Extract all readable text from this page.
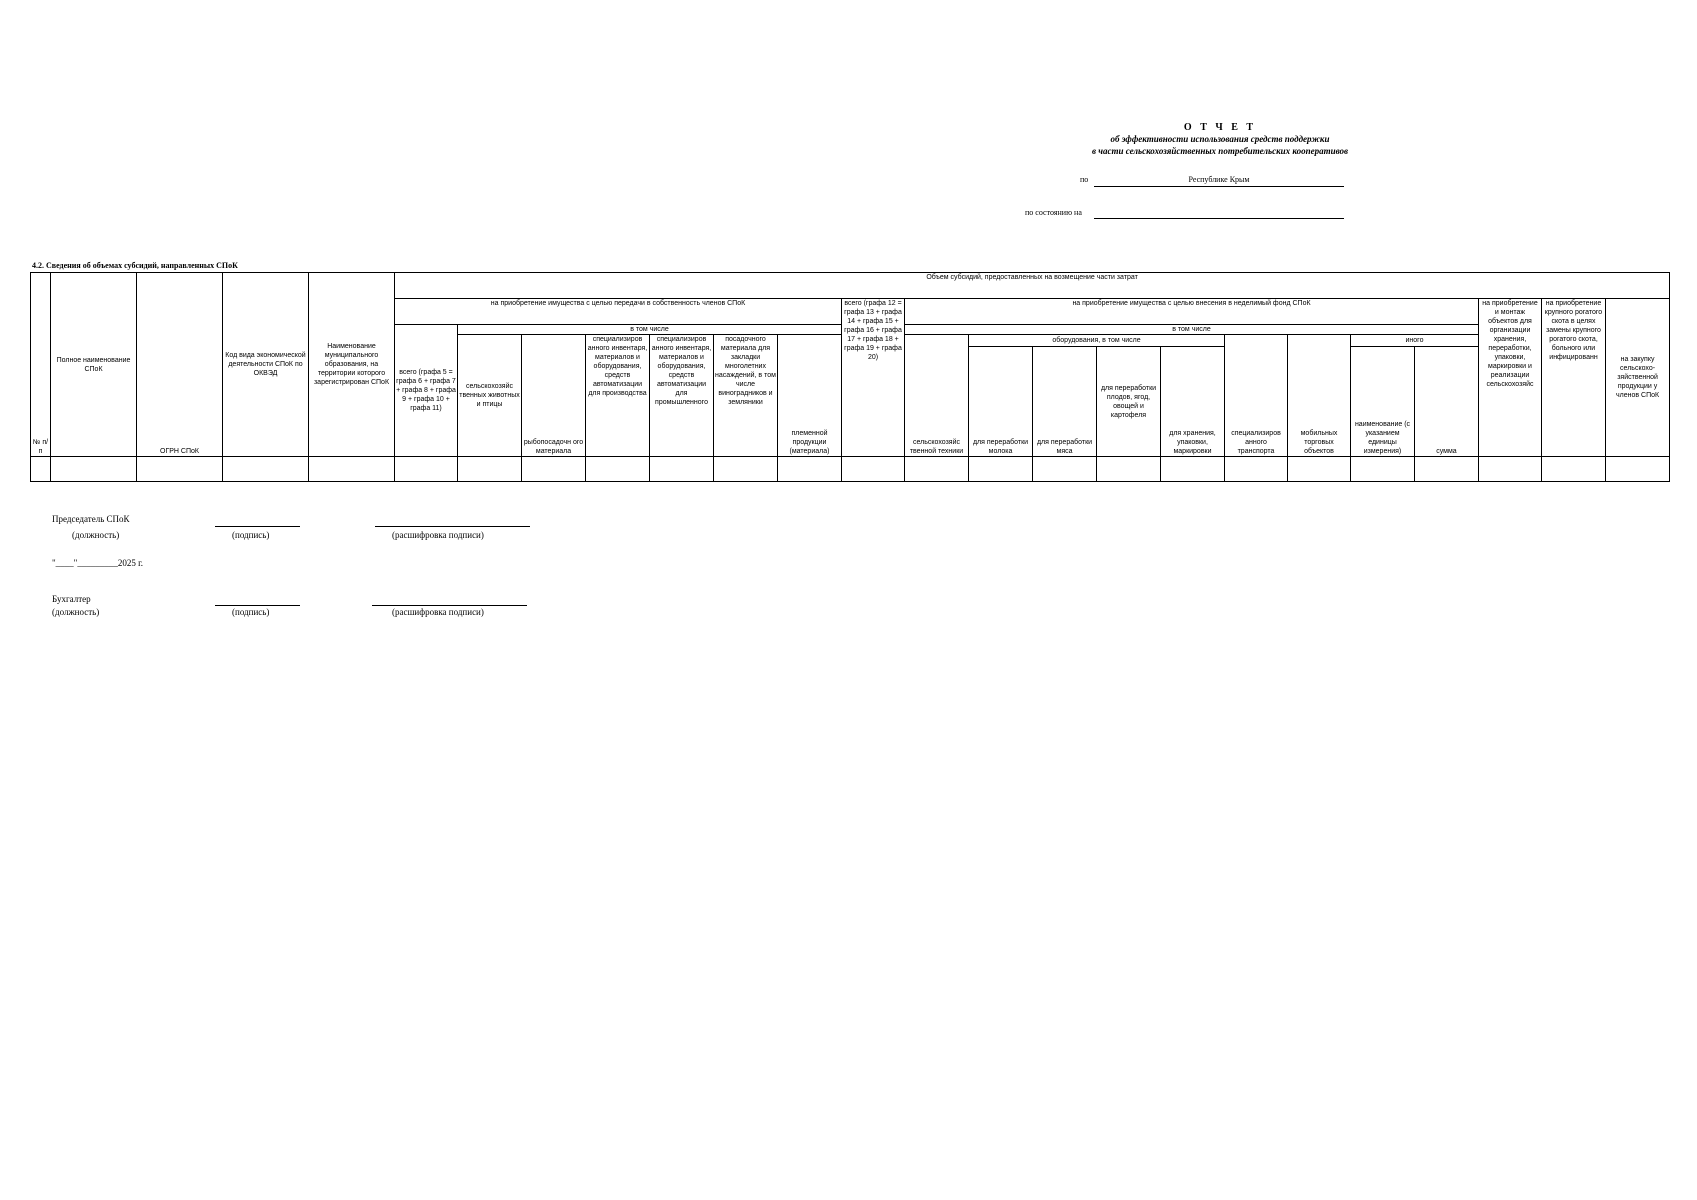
О Т Ч Е Т
об эффективности использования средств поддержки
в части сельскохозяйственных потребительских кооперативов
по	Республике Крым
по состоянию на
4.2. Сведения об объемах субсидий, направленных СПоК
№ п/п	Полное наименование СПоК	ОГРН СПоК	Код вида экономической деятельности СПоК по ОКВЭД	Наименование муниципального образования, на территории которого зарегистрирован СПоК	Объем субсидий, предоставленных на возмещение части затрат																			
					на приобретение имущества с целью передачи в собственность членов СПоК							всего (графа 12 = графа 13 + графа 14 + графа 15 + графа 16 + графа 17 + графа 18 + графа 19 + графа 20)	на приобретение имущества с целью внесения в неделимый фонд СПоК									на приобретение и монтаж объектов для организации хранения, переработки, упаковки, маркировки и реализации сельскохозяйс	на приобретение крупного рогатого скота в целях замены крупного рогатого скота, больного или инфицированн	на закупку сельскохо- зяйственной продукции у членов СПоК
					всего (графа 5 = графа 6 + графа 7 + графа 8 + графа 9 + графа 10 + графа 11)	в том числе							в том числе											
						сельскохозяйс твенных животных и птицы	рыбопосадочн ого материала	специализиров анного инвентаря, материалов и оборудования, средств автоматизации для производства	специализиров анного инвентаря, материалов и оборудования, средств автоматизации для промышленного	посадочного материала для закладки многолетних насаждений, в том числе виноградников и земляники	племенной продукции (материала)		сельскохозяйс твенной техники	оборудования, в том числе				специализиров анного транспорта	мобильных торговых объектов	иного				
														для переработки молока	для переработки мяса	для переработки плодов, ягод, овощей и картофеля	для хранения, упаковки, маркировки			наименование (с указанием единицы измерения)	сумма			

Председатель СПоК
(должность)	(подпись)	(расшифровка подписи)
"____"_________2025 г.
Бухгалтер
(должность)	(подпись)	(расшифровка подписи)
